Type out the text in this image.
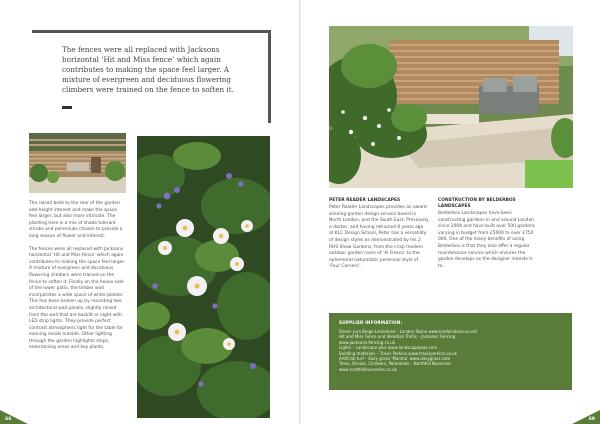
The fences were all replaced with Jacksons horizontal ‘Hit and Miss fence’ which again contributes to making the space feel larger. A mixture of evergreen and deciduous flowering climbers were trained on the fence to soften it.

The raised beds to the rear of the garden add height interest and make the space feel larger, but also more intimate. The planting here is a mix of shade tolerant shrubs and perennials chosen to provide a long season of flower and interest.

The fences were all replaced with Jacksons horizontal ‘Hit and Miss fence’ which again contributes to making the space feel larger. A mixture of evergreen and deciduous flowering climbers were trained on the fence to soften it. Finally on the house side of the lower patio, the timber wall incorporates a wide space of white planter. This has been broken up by mounting two architectural wall panels, slightly raised from the wall that are backlit or night with LED strip lights. They provide perfect contrast atmospheric light for the table for evening meals outside. Other lighting through the garden highlights steps, entertaining areas and key plants.

66
PETER READER LANDSCAPES

Peter Reader Landscapes provides an award-winning garden design service based in North London, and the South East. Previously a doctor, and having retrained 8 years ago at KLC Design School, Peter has a versatility of design styles as demonstrated by his 2 RHS Show Gardens, from the crisp modern outdoor garden room of ‘Al Fresco’ to the ephemeral naturalistic perennial style of ‘Four Corners’.

CONSTRUCTION BY BELDERBOS LANDSCAPES

Belderbos Landscapes have been constructing gardens in and around London since 2004 and have built over 500 gardens varying in budget from £5000 to over £750 000. One of the many benefits of using Belderbos is that they also offer a regular maintenance service which ensures the garden develops as the designer intends it to.

SUPPLIER INFORMATION:
Stone: Jura Beige Limestone - London Stone www.londonstone.co.uk/
Hit and Miss Fence and Venetian Trellis – Jacksons Fencing
www.jacksons-fencing.co.uk
Lights – Landscape plus www.landscapeplus.com
Building materials – Travis Perkins www.travisperkins.co.uk
Artificial turf – Easy grass ‘Marsha’ www.easygrass.com
Trees, Shrubs, Climbers, Perennials – Northhill Nurseries
www.northhillnurseries.co.uk
69
